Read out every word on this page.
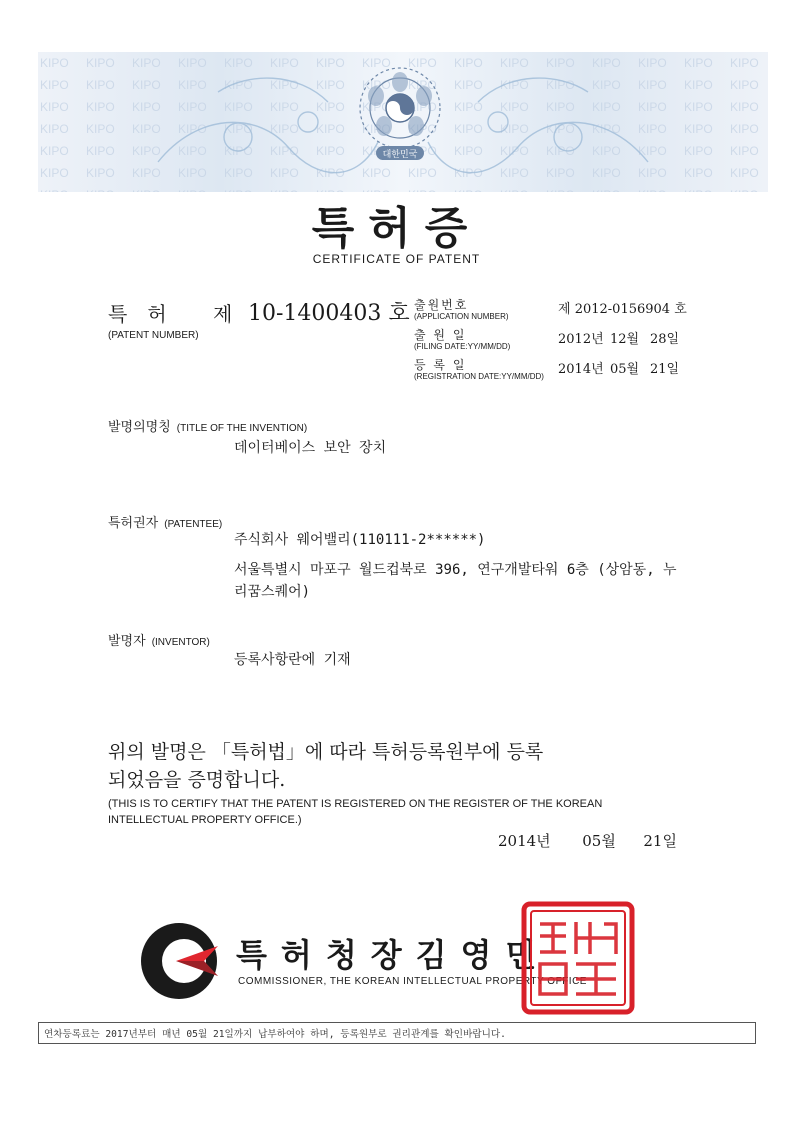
대한민국
특허증
CERTIFICATE OF PATENT
특허 제
10-1400403 호
(PATENT NUMBER)
출원번호
(APPLICATION NUMBER)	제 2012-0156904 호
출 원 일
(FILING DATE:YY/MM/DD)	2012년 12월 28일
등 록 일
(REGISTRATION DATE:YY/MM/DD) 2014년 05월 21일
발명의명칭 (TITLE OF THE INVENTION)
데이터베이스 보안 장치
특허권자 (PATENTEE)
주식회사 웨어밸리(110111-2******)
서울특별시 마포구 월드컵북로 396, 연구개발타워 6층 (상암동, 누
리꿈스퀘어)
발명자 (INVENTOR)
등록사항란에 기재
위의 발명은 「특허법」에 따라 특허등록원부에 등록
되었음을 증명합니다.
(THIS IS TO CERTIFY THAT THE PATENT IS REGISTERED ON THE REGISTER OF THE KOREAN
INTELLECTUAL PROPERTY OFFICE.)
2014년 05월 21일
특허청장김영민
COMMISSIONER, THE KOREAN INTELLECTUAL PROPERTY OFFICE
연차등록료는 2017년부터 매년 05월 21일까지 납부하여야 하며, 등록원부로 권리관계를 확인바랍니다.
